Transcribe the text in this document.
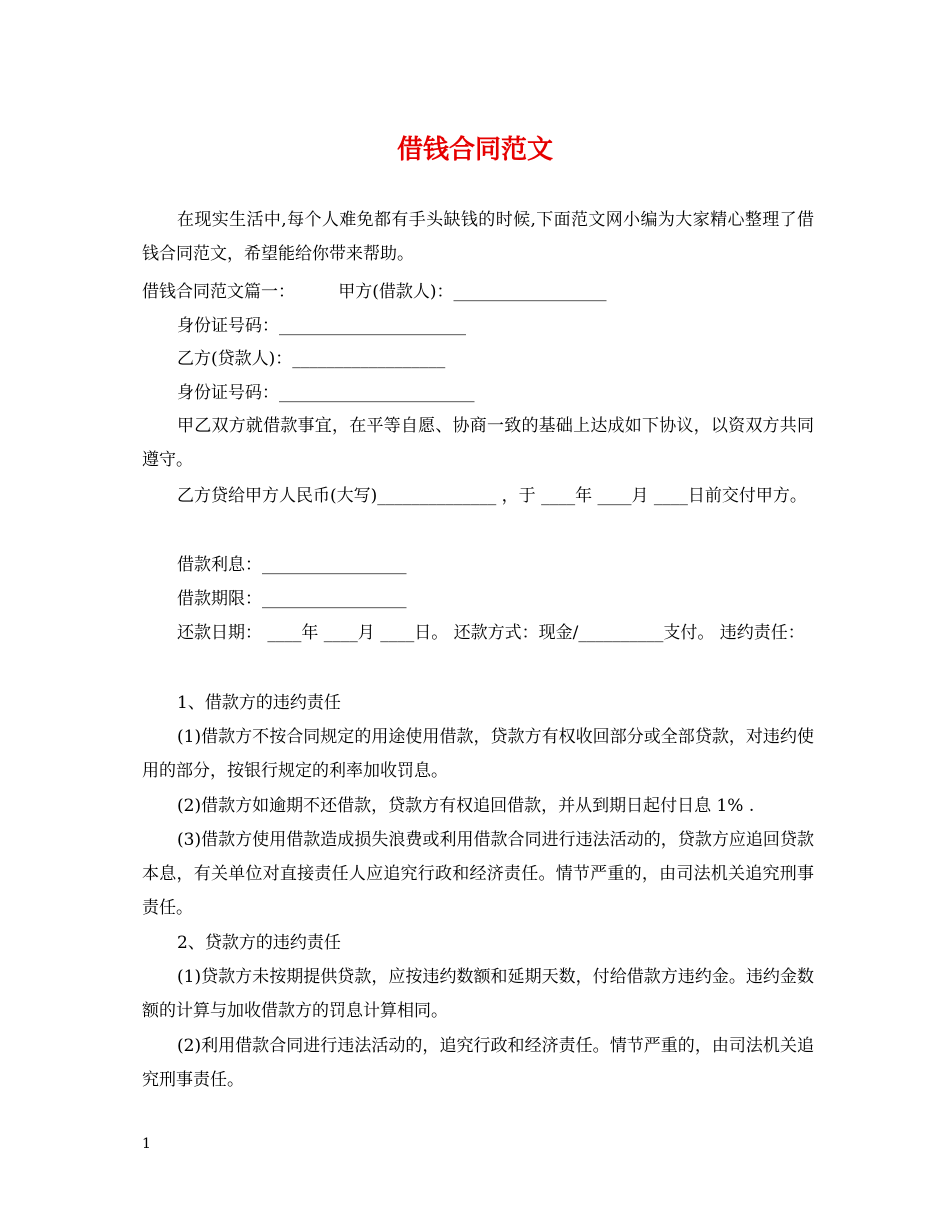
借钱合同范文

在现实生活中,每个人难免都有手头缺钱的时候,下面范文网小编为大家精心整理了借钱合同范文，希望能给你带来帮助。

借钱合同范文篇一：        甲方(借款人)：__________________

身份证号码：______________________

乙方(贷款人)：__________________

身份证号码：_______________________

甲乙双方就借款事宜，在平等自愿、协商一致的基础上达成如下协议，以资双方共同遵守。

乙方贷给甲方人民币(大写)______________ ，于 ____年 ____月 ____日前交付甲方。

借款利息：_________________

借款期限：_________________

还款日期： ____年 ____月 ____日。 还款方式：现金/__________支付。 违约责任：

1、借款方的违约责任

(1)借款方不按合同规定的用途使用借款，贷款方有权收回部分或全部贷款，对违约使用的部分，按银行规定的利率加收罚息。

(2)借款方如逾期不还借款，贷款方有权追回借款，并从到期日起付日息 1% .

(3)借款方使用借款造成损失浪费或利用借款合同进行违法活动的，贷款方应追回贷款本息，有关单位对直接责任人应追究行政和经济责任。情节严重的，由司法机关追究刑事责任。

2、贷款方的违约责任

(1)贷款方未按期提供贷款，应按违约数额和延期天数，付给借款方违约金。违约金数额的计算与加收借款方的罚息计算相同。

(2)利用借款合同进行违法活动的，追究行政和经济责任。情节严重的，由司法机关追究刑事责任。

1
